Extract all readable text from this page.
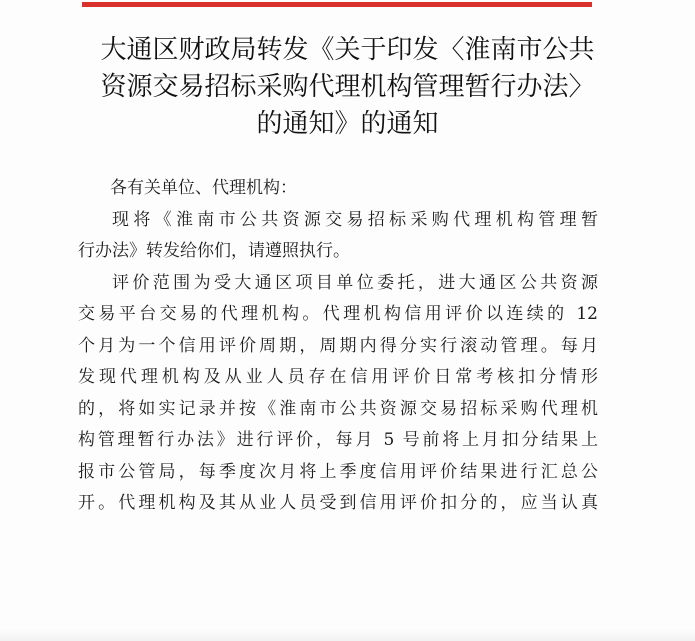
大通区财政局转发《关于印发〈淮南市公共
资源交易招标采购代理机构管理暂行办法〉
的通知》的通知
各有关单位、代理机构：
现将《淮南市公共资源交易招标采购代理机构管理暂
行办法》转发给你们，请遵照执行。
评价范围为受大通区项目单位委托，进大通区公共资源
交易平台交易的代理机构。代理机构信用评价以连续的 12
个月为一个信用评价周期，周期内得分实行滚动管理。每月
发现代理机构及从业人员存在信用评价日常考核扣分情形
的，将如实记录并按《淮南市公共资源交易招标采购代理机
构管理暂行办法》进行评价，每月 5 号前将上月扣分结果上
报市公管局，每季度次月将上季度信用评价结果进行汇总公
开。代理机构及其从业人员受到信用评价扣分的，应当认真
